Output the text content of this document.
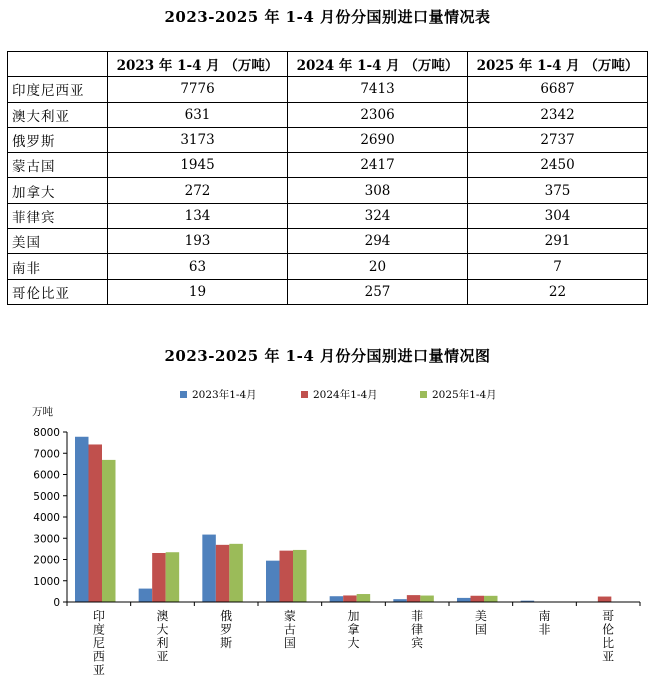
2023-2025 年 1-4 月份分国别进口量情况表
	2023 年 1-4 月 （万吨）	2024 年 1-4 月 （万吨）	2025 年 1-4 月 （万吨）
印度尼西亚	7776	7413	6687
澳大利亚	631	2306	2342
俄罗斯	3173	2690	2737
蒙古国	1945	2417	2450
加拿大	272	308	375
菲律宾	134	324	304
美国	193	294	291
南非	63	20	7
哥伦比亚	19	257	22
2023-2025 年 1-4 月份分国别进口量情况图
2023年1-4月	2024年1-4月	2025年1-4月
万吨
0
1000
2000
3000
4000
5000
6000
7000
8000
印度尼西亚
澳大利亚
俄罗斯
蒙古国
加拿大
菲律宾
美国
南非
哥伦比亚
